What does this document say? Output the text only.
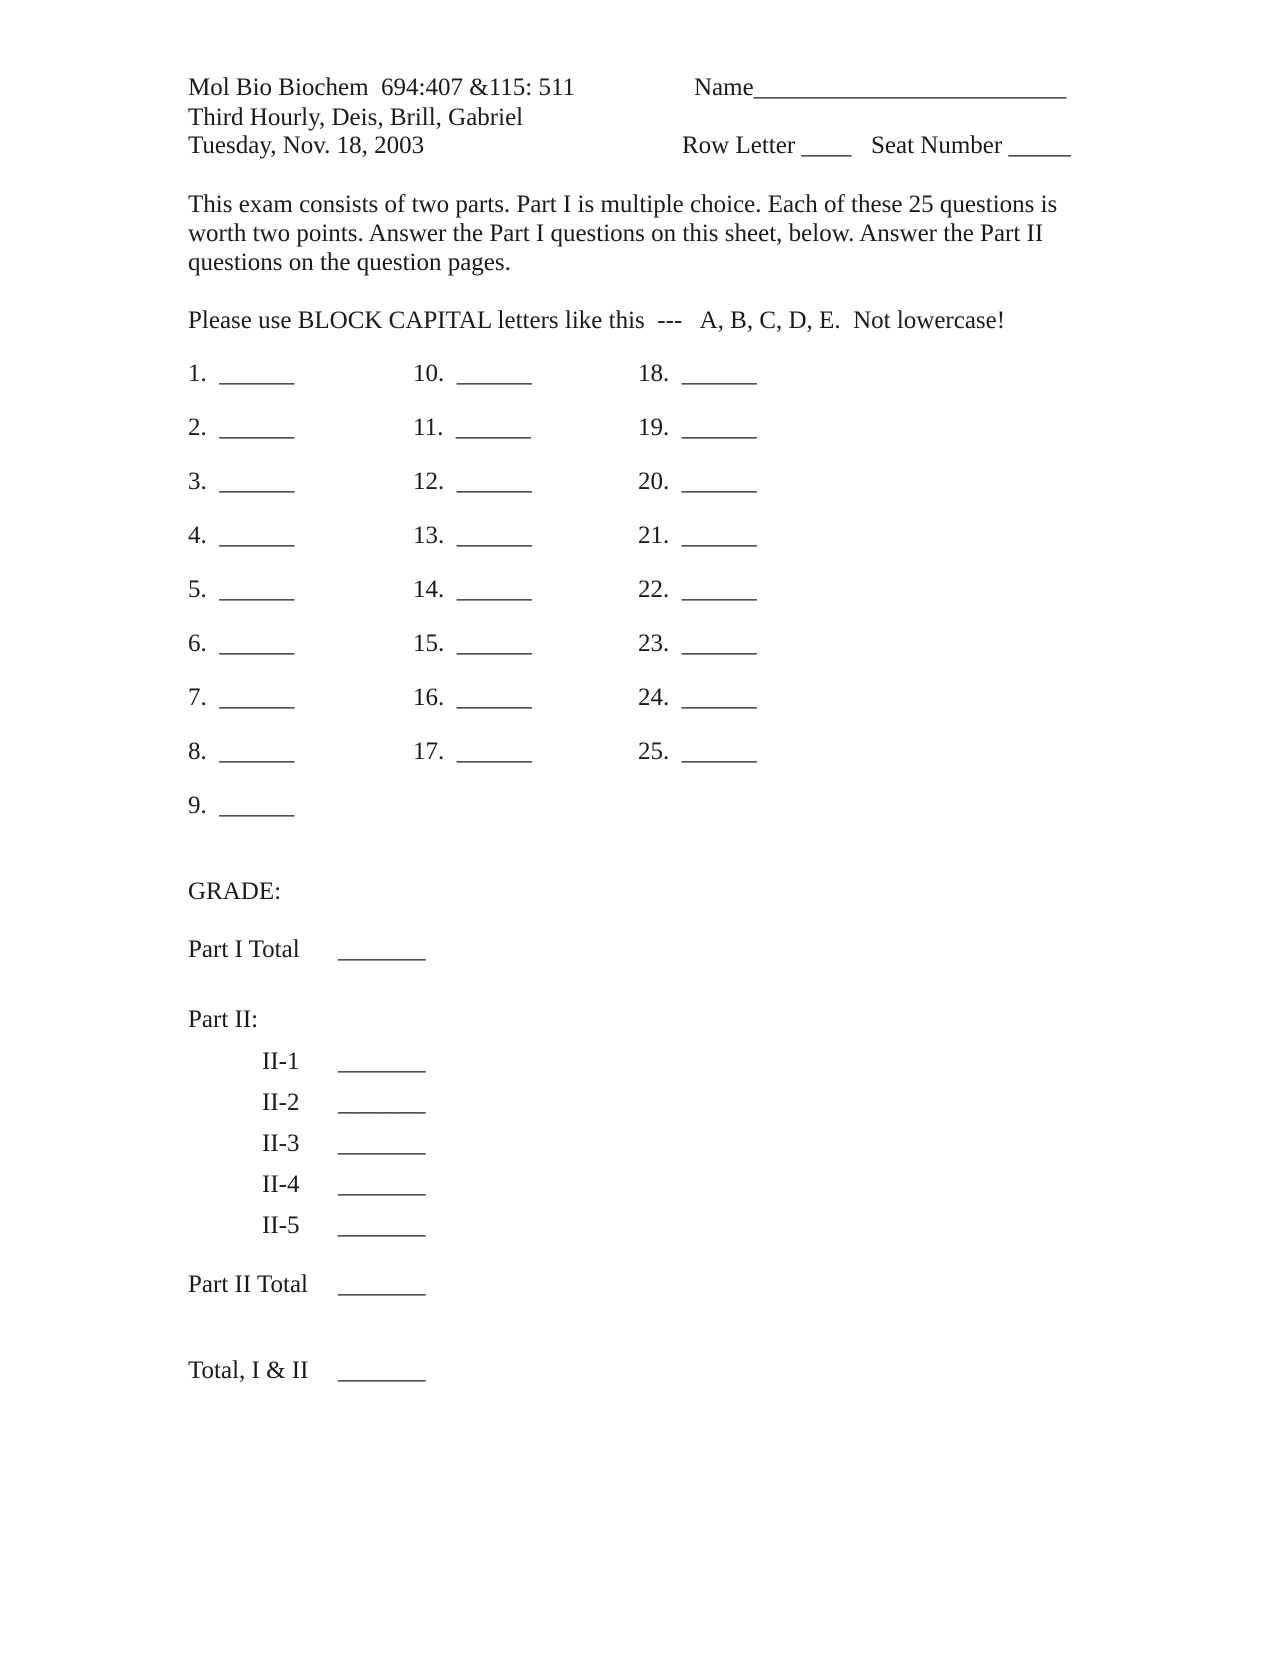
Mol Bio Biochem  694:407 &115: 511
Third Hourly, Deis, Brill, Gabriel
Tuesday, Nov. 18, 2003
Name_________________________
Row Letter ____ Seat Number _____
This exam consists of two parts. Part I is multiple choice. Each of these 25 questions is worth two points. Answer the Part I questions on this sheet, below. Answer the Part II questions on the question pages.
Please use BLOCK CAPITAL letters like this  ---   A, B, C, D, E.  Not lowercase!
1.  ______
2.  ______
3.  ______
4.  ______
5.  ______
6.  ______
7.  ______
8.  ______
9.  ______
10.  ______
11.  ______
12.  ______
13.  ______
14.  ______
15.  ______
16.  ______
17.  ______
18.  ______
19.  ______
20.  ______
21.  ______
22.  ______
23.  ______
24.  ______
25.  ______
GRADE:
Part I Total _______
Part II:
II-1 _______
II-2 _______
II-3 _______
II-4 _______
II-5 _______
Part II Total _______
Total, I & II _______
